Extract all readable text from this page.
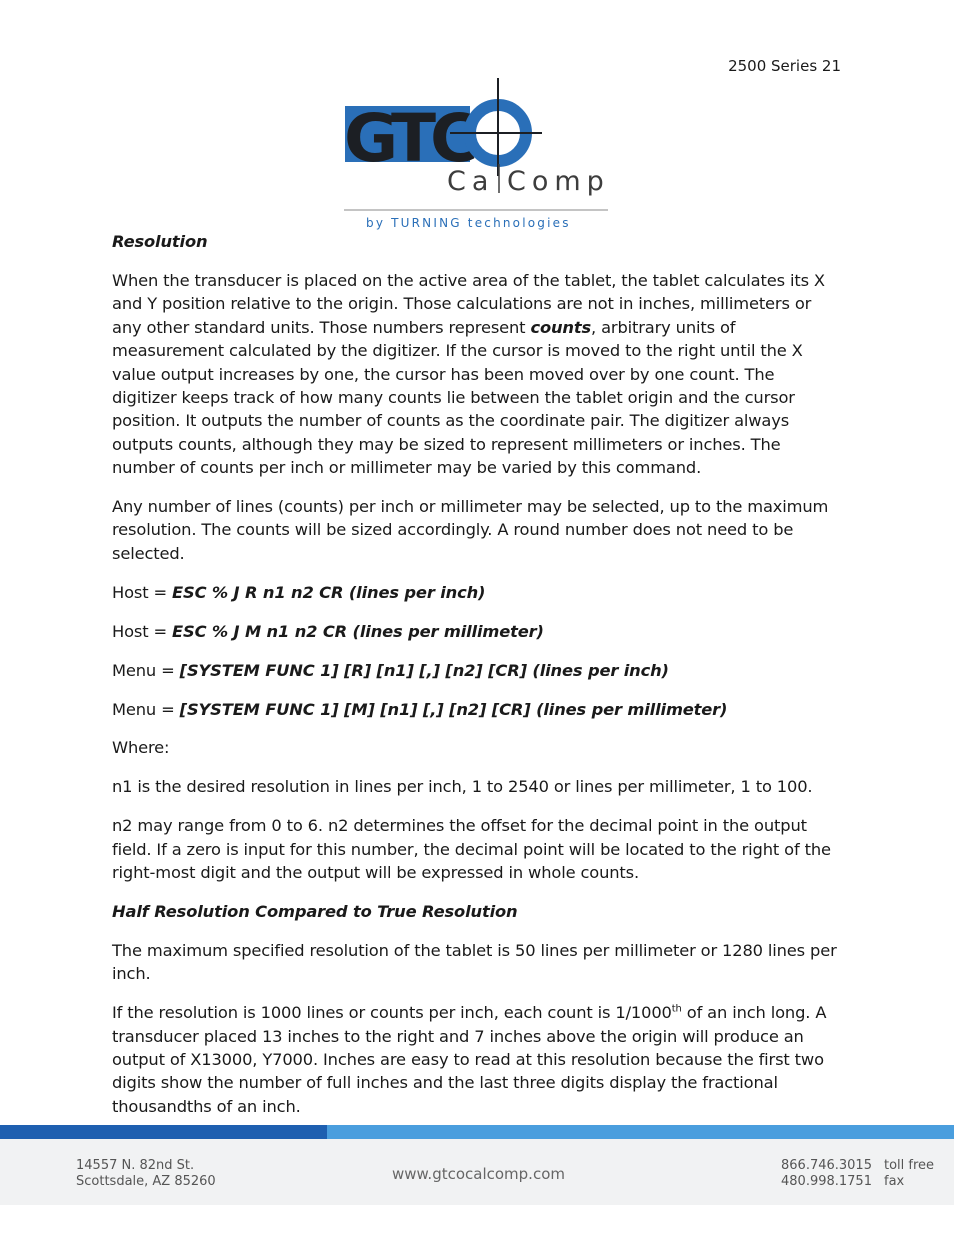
2500 Series 21
GTC
Ca Comp
by TURNING technologies

Resolution

When the transducer is placed on the active area of the tablet, the tablet calculates its X and Y position relative to the origin. Those calculations are not in inches, millimeters or any other standard units. Those numbers represent counts, arbitrary units of measurement calculated by the digitizer. If the cursor is moved to the right until the X value output increases by one, the cursor has been moved over by one count. The digitizer keeps track of how many counts lie between the tablet origin and the cursor position. It outputs the number of counts as the coordinate pair. The digitizer always outputs counts, although they may be sized to represent millimeters or inches. The number of counts per inch or millimeter may be varied by this command.

Any number of lines (counts) per inch or millimeter may be selected, up to the maximum resolution. The counts will be sized accordingly. A round number does not need to be selected.

Host = ESC % J R n1 n2 CR (lines per inch)

Host = ESC % J M n1 n2 CR (lines per millimeter)

Menu = [SYSTEM FUNC 1] [R] [n1] [,] [n2] [CR] (lines per inch)

Menu = [SYSTEM FUNC 1] [M] [n1] [,] [n2] [CR] (lines per millimeter)

Where:

n1 is the desired resolution in lines per inch, 1 to 2540 or lines per millimeter, 1 to 100.

n2 may range from 0 to 6. n2 determines the offset for the decimal point in the output field. If a zero is input for this number, the decimal point will be located to the right of the right-most digit and the output will be expressed in whole counts.

Half Resolution Compared to True Resolution

The maximum specified resolution of the tablet is 50 lines per millimeter or 1280 lines per inch.

If the resolution is 1000 lines or counts per inch, each count is 1/1000th of an inch long. A transducer placed 13 inches to the right and 7 inches above the origin will produce an output of X13000, Y7000. Inches are easy to read at this resolution because the first two digits show the number of full inches and the last three digits display the fractional thousandths of an inch.

14557 N. 82nd St.
Scottsdale, AZ 85260	www.gtcocalcomp.com	866.746.3015
480.998.1751
toll free
fax
